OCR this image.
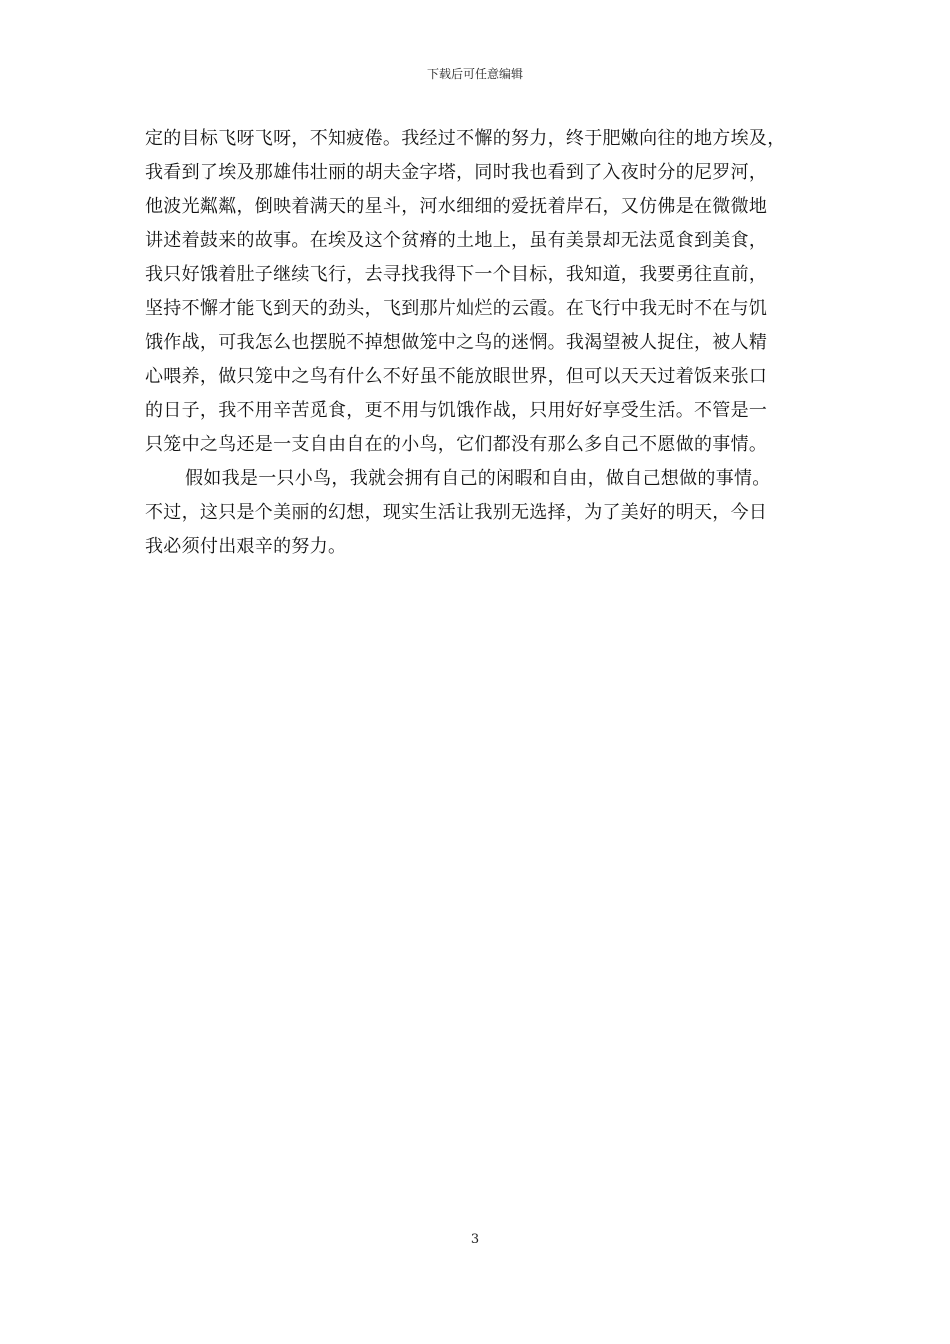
下载后可任意编辑
定的目标飞呀飞呀，不知疲倦。我经过不懈的努力，终于肥嫩向往的地方埃及，
我看到了埃及那雄伟壮丽的胡夫金字塔，同时我也看到了入夜时分的尼罗河，
他波光粼粼，倒映着满天的星斗，河水细细的爱抚着岸石，又仿佛是在微微地
讲述着鼓来的故事。在埃及这个贫瘠的土地上，虽有美景却无法觅食到美食，
我只好饿着肚子继续飞行，去寻找我得下一个目标，我知道，我要勇往直前，
坚持不懈才能飞到天的劲头，飞到那片灿烂的云霞。在飞行中我无时不在与饥
饿作战，可我怎么也摆脱不掉想做笼中之鸟的迷惘。我渴望被人捉住，被人精
心喂养，做只笼中之鸟有什么不好虽不能放眼世界，但可以天天过着饭来张口
的日子，我不用辛苦觅食，更不用与饥饿作战，只用好好享受生活。不管是一
只笼中之鸟还是一支自由自在的小鸟，它们都没有那么多自己不愿做的事情。
假如我是一只小鸟，我就会拥有自己的闲暇和自由，做自己想做的事情。
不过，这只是个美丽的幻想，现实生活让我别无选择，为了美好的明天，今日
我必须付出艰辛的努力。
3
